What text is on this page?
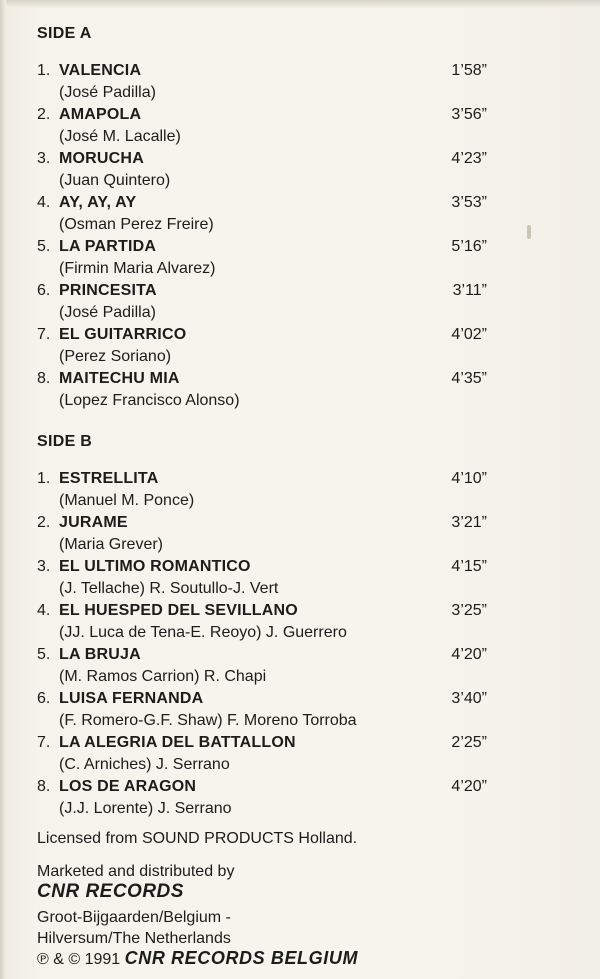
SIDE A
1. VALENCIA	1’58”
(José Padilla)
2. AMAPOLA	3’56”
(José M. Lacalle)
3. MORUCHA	4’23”
(Juan Quintero)
4. AY, AY, AY	3’53”
(Osman Perez Freire)
5. LA PARTIDA	5’16”
(Firmin Maria Alvarez)
6. PRINCESITA	3’11”
(José Padilla)
7. EL GUITARRICO	4’02”
(Perez Soriano)
8. MAITECHU MIA	4’35”
(Lopez Francisco Alonso)
SIDE B
1. ESTRELLITA	4’10”
(Manuel M. Ponce)
2. JURAME	3’21”
(Maria Grever)
3. EL ULTIMO ROMANTICO	4’15”
(J. Tellache) R. Soutullo-J. Vert
4. EL HUESPED DEL SEVILLANO	3’25”
(JJ. Luca de Tena-E. Reoyo) J. Guerrero
5. LA BRUJA	4’20”
(M. Ramos Carrion) R. Chapi
6. LUISA FERNANDA	3’40”
(F. Romero-G.F. Shaw) F. Moreno Torroba
7. LA ALEGRIA DEL BATTALLON	2’25”
(C. Arniches) J. Serrano
8. LOS DE ARAGON	4’20”
(J.J. Lorente) J. Serrano
Licensed from SOUND PRODUCTS Holland.
Marketed and distributed by
CNR RECORDS
Groot-Bijgaarden/Belgium -
Hilversum/The Netherlands
℗ & © 1991 CNR RECORDS BELGIUM
